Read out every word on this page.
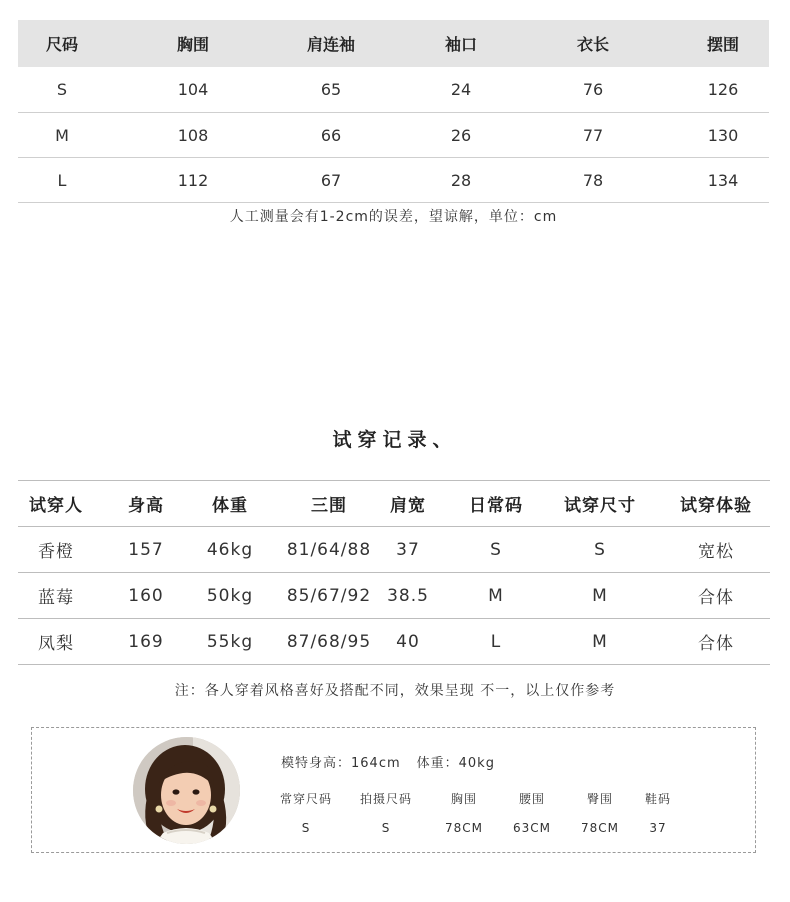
尺码	胸围	肩连袖	袖口	衣长	摆围
S	104	65	24	76	126
M	108	66	26	77	130
L	112	67	28	78	134
人工测量会有1-2cm的误差，望谅解，单位：cm
试穿记录、
试穿人	身高	体重	三围	肩宽	日常码	试穿尺寸	试穿体验
香橙	157	46kg	81/64/88	37	S	S	宽松
蓝莓	160	50kg	85/67/92 38.5	M	M	合体
凤梨	169	55kg	87/68/95	40	L	M	合体
注：各人穿着风格喜好及搭配不同，效果呈现 不一，以上仅作参考
模特身高：164cm 体重：40kg
常穿尺码	拍摄尺码	胸围	腰围	臀围	鞋码
S	S	78CM	63CM	78CM	37
